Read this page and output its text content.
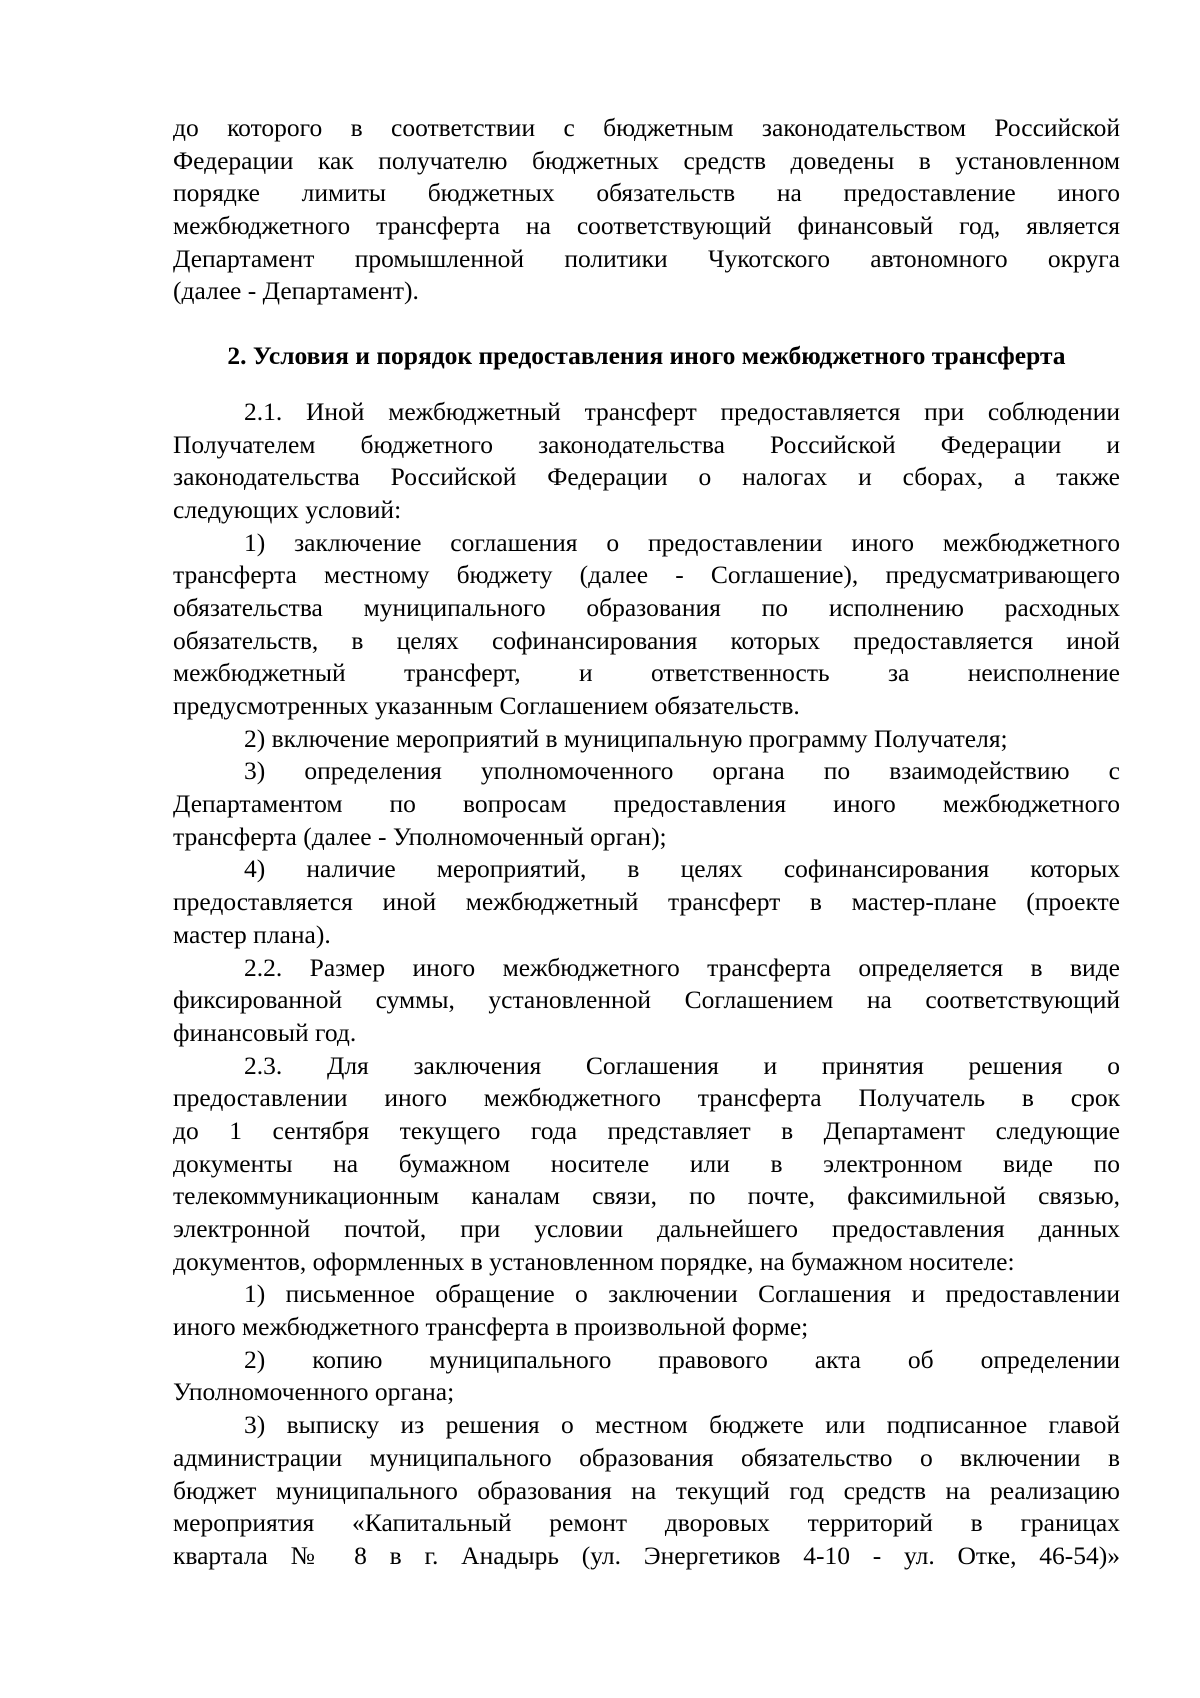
до которого в соответствии с бюджетным законодательством Российской
Федерации как получателю бюджетных средств доведены в установленном
порядке лимиты бюджетных обязательств на предоставление иного
межбюджетного трансферта на соответствующий финансовый год, является
Департамент промышленной политики Чукотского автономного округа
(далее - Департамент).
2. Условия и порядок предоставления иного межбюджетного трансферта
2.1. Иной межбюджетный трансферт предоставляется при соблюдении
Получателем бюджетного законодательства Российской Федерации и
законодательства Российской Федерации о налогах и сборах, а также
следующих условий:
1) заключение соглашения о предоставлении иного межбюджетного
трансферта местному бюджету (далее - Соглашение), предусматривающего
обязательства муниципального образования по исполнению расходных
обязательств, в целях софинансирования которых предоставляется иной
межбюджетный трансферт, и ответственность за неисполнение
предусмотренных указанным Соглашением обязательств.
2) включение мероприятий в муниципальную программу Получателя;
3) определения уполномоченного органа по взаимодействию с
Департаментом по вопросам предоставления иного межбюджетного
трансферта (далее - Уполномоченный орган);
4) наличие мероприятий, в целях софинансирования которых
предоставляется иной межбюджетный трансферт в мастер-плане (проекте
мастер плана).
2.2. Размер иного межбюджетного трансферта определяется в виде
фиксированной суммы, установленной Соглашением на соответствующий
финансовый год.
2.3. Для заключения Соглашения и принятия решения о
предоставлении иного межбюджетного трансферта Получатель в срок
до 1 сентября текущего года представляет в Департамент следующие
документы на бумажном носителе или в электронном виде по
телекоммуникационным каналам связи, по почте, факсимильной связью,
электронной почтой, при условии дальнейшего предоставления данных
документов, оформленных в установленном порядке, на бумажном носителе:
1) письменное обращение о заключении Соглашения и предоставлении
иного межбюджетного трансферта в произвольной форме;
2) копию муниципального правового акта об определении
Уполномоченного органа;
3) выписку из решения о местном бюджете или подписанное главой
администрации муниципального образования обязательство о включении в
бюджет муниципального образования на текущий год средств на реализацию
мероприятия «Капитальный ремонт дворовых территорий в границах
квартала № 8 в г. Анадырь (ул. Энергетиков 4-10 - ул. Отке, 46-54)»
